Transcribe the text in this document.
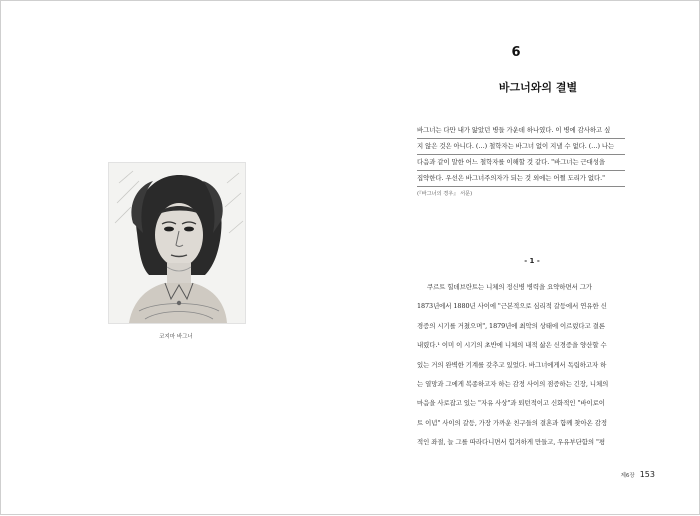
코지마 바그너
6
바그너와의 결별
바그너는 다만 내가 앓았던 병들 가운데 하나였다. 이 병에 감사하고 싶
지 않은 것은 아니다. (…) 철학자는 바그너 없이 지낼 수 없다. (…) 나는
다음과 같이 말한 어느 철학자를 이해할 것 같다. "바그너는 근대성을
집약한다. 우선은 바그너주의자가 되는 것 외에는 어쩔 도리가 없다."
(『바그너의 경우』 서문)
- 1 -
쿠르트 힐데브란트는 니체의 정신병 병력을 요약하면서 그가
1873년에서 1880년 사이에 "근본적으로 심리적 갈등에서 연유한 신
경증의 시기를 거쳤으며", 1879년에 최악의 상태에 이르렀다고 결론
내렸다.¹ 이미 이 시기의 초반에 니체의 내적 삶은 신경증을 양산할 수
있는 거의 완벽한 기계를 갖추고 있었다. 바그너에게서 독립하고자 하
는 열망과 그에게 복종하고자 하는 감정 사이의 점증하는 긴장, 니체의
마음을 사로잡고 있는 "자유 사상"과 퇴턴적이고 신화적인 "바이로이
트 이념" 사이의 갈등, 가장 가까운 친구들의 결혼과 함께 찾아온 감정
적인 좌절, 늘 그를 따라다니면서 힘겨하게 만들고, 우유부단함의 "평
제6장 153
